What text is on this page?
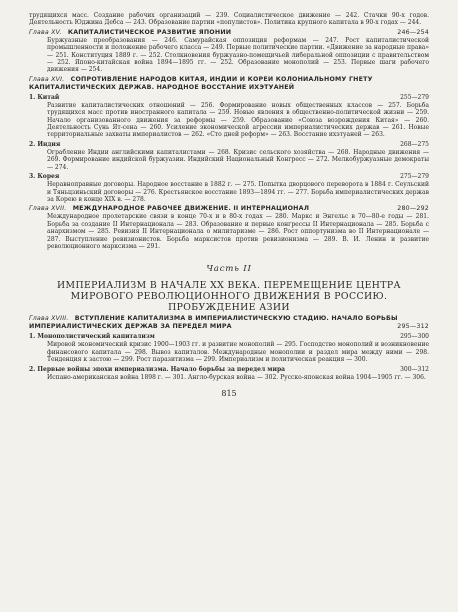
трудящихся масс. Создание рабочих организаций — 239. Социалистическое движение — 242. Стачки 90-х годов. Деятельность Юджина Дебса — 243. Образование партии «популистов». Политика крупного капитала в 90-х годах — 244.
Глава XV. КАПИТАЛИСТИЧЕСКОЕ РАЗВИТИЕ ЯПОНИИ	246—254
Буржуазные преобразования — 246. Самурайская оппозиция реформам — 247. Рост капиталистической промышленности и положение рабочего класса — 249. Первые политические партии. «Движение за народные права» — 251. Конституция 1889 г. — 252. Столкновения буржуазно-помещичьей либеральной оппозиции с правительством — 252. Японо-китайская война 1894—1895 гг. — 252. Образование монополий — 253. Первые шаги рабочего движения — 254.
Глава XVI. СОПРОТИВЛЕНИЕ НАРОДОВ КИТАЯ, ИНДИИ И КОРЕИ КОЛОНИАЛЬНОМУ ГНЕТУ КАПИТАЛИСТИЧЕСКИХ ДЕРЖАВ. НАРОДНОЕ ВОССТАНИЕ ИХЭТУАНЕЙ
1. Китай	255—279
Развитие капиталистических отношений — 256. Формирование новых общественных классов — 257. Борьба трудящихся масс против иностранного капитала — 259. Новые явления в общественно-политической жизни — 259. Начало организованного движения за реформы — 259. Образование «Союза возрождения Китая» — 260. Деятельность Сунь Ят-сена — 260. Усиление экономической агрессии империалистических держав — 261. Новые территориальные захваты империалистов — 262. «Сто дней реформ» — 263. Восстание ихэтуаней — 263.
2. Индия	268—275
Ограбление Индии английскими капиталистами — 268. Кризис сельского хозяйства — 268. Народные движения — 269. Формирование индийской буржуазии. Индийский Национальный Конгресс — 272. Мелкобуржуазные демократы — 274.
3. Корея	275—279
Неравноправные договоры. Народное восстание в 1882 г. — 275. Попытка дворцового переворота в 1884 г. Сеульский и Тяньцзиньский договоры — 276. Крестьянское восстание 1893—1894 гг. — 277. Борьба империалистических держав за Корею в конце XIX в. — 278.
Глава XVII. МЕЖДУНАРОДНОЕ РАБОЧЕЕ ДВИЖЕНИЕ. II ИНТЕРНАЦИОНАЛ	280—292
Международное пролетарские связи в конце 70-х и в 80-х годах — 280. Маркс и Энгельс в 70—80-е годы — 281. Борьба за создание II Интернационала — 283. Образование и первые конгрессы II Интернационала — 285. Борьба с анархизмом — 285. Ревизия II Интернационала о милитаризме — 286. Рост оппортунизма во II Интернационале — 287. Выступление ревизионистов. Борьба марксистов против ревизионизма — 289. В. И. Ленин и развитие революционного марксизма — 291.
Часть II
ИМПЕРИАЛИЗМ В НАЧАЛЕ XX ВЕКА. ПЕРЕМЕЩЕНИЕ ЦЕНТРА
МИРОВОГО РЕВОЛЮЦИОННОГО ДВИЖЕНИЯ В РОССИЮ.
ПРОБУЖДЕНИЕ АЗИИ
Глава XVIII. ВСТУПЛЕНИЕ КАПИТАЛИЗМА В ИМПЕРИАЛИСТИЧЕСКУЮ СТАДИЮ. НАЧАЛО БОРЬБЫ ИМПЕРИАЛИСТИЧЕСКИХ ДЕРЖАВ ЗА ПЕРЕДЕЛ МИРА	295—312
1. Монополистический капитализм	295—300
Мировой экономический кризис 1900—1903 гг. и развитие монополий — 295. Господство монополий и возникновение финансового капитала — 298. Вывоз капиталов. Международные монополии и раздел мира между ними — 298. Тенденция к застою — 299. Рост паразитизма — 299. Империализм и политическая реакция — 300.
2. Первые войны эпохи империализма. Начало борьбы за передел мира	300—312
Испано-американская война 1898 г. — 301. Англо-бурская война — 302. Русско-японская война 1904—1905 гг. — 306.
815
